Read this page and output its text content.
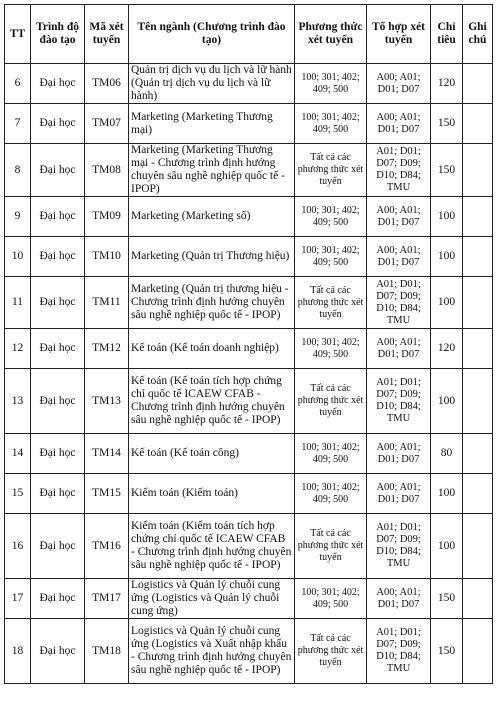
TT	Trình độ đào tạo	Mã xét tuyển	Tên ngành (Chương trình đào tạo)	Phương thức xét tuyển	Tổ hợp xét tuyển	Chỉ tiêu	Ghi chú
6	Đại học	TM06	Quản trị dịch vụ du lịch và lữ hành (Quản trị dịch vụ du lịch và lữ hành)	100; 301; 402; 409; 500	A00; A01; D01; D07	120	
7	Đại học	TM07	Marketing (Marketing Thương mại)	100; 301; 402; 409; 500	A00; A01; D01; D07	150	
8	Đại học	TM08	Marketing (Marketing Thương mại - Chương trình định hướng chuyên sâu nghề nghiệp quốc tế - IPOP)	Tất cả các phương thức xét tuyển	A01; D01; D07; D09; D10; D84; TMU	150	
9	Đại học	TM09	Marketing (Marketing số)	100; 301; 402; 409; 500	A00; A01; D01; D07	100	
10	Đại học	TM10	Marketing (Quản trị Thương hiệu)	100; 301; 402; 409; 500	A00; A01; D01; D07	100	
11	Đại học	TM11	Marketing (Quản trị thương hiệu - Chương trình định hướng chuyên sâu nghề nghiệp quốc tế - IPOP)	Tất cả các phương thức xét tuyển	A01; D01; D07; D09; D10; D84; TMU	100	
12	Đại học	TM12	Kế toán (Kế toán doanh nghiệp)	100; 301; 402; 409; 500	A00; A01; D01; D07	120	
13	Đại học	TM13	Kế toán (Kế toán tích hợp chứng chỉ quốc tế ICAEW CFAB - Chương trình định hướng chuyên sâu nghề nghiệp quốc tế - IPOP)	Tất cả các phương thức xét tuyển	A01; D01; D07; D09; D10; D84; TMU	100	
14	Đại học	TM14	Kế toán (Kế toán công)	100; 301; 402; 409; 500	A00; A01; D01; D07	80	
15	Đại học	TM15	Kiểm toán (Kiểm toán)	100; 301; 402; 409; 500	A00; A01; D01; D07	100	
16	Đại học	TM16	Kiểm toán (Kiểm toán tích hợp chứng chỉ quốc tế ICAEW CFAB - Chương trình định hướng chuyên sâu nghề nghiệp quốc tế - IPOP)	Tất cả các phương thức xét tuyển	A01; D01; D07; D09; D10; D84; TMU	100	
17	Đại học	TM17	Logistics và Quản lý chuỗi cung ứng (Logistics và Quản lý chuỗi cung ứng)	100; 301; 402; 409; 500	A00; A01; D01; D07	150	
18	Đại học	TM18	Logistics và Quản lý chuỗi cung ứng (Logistics và Xuất nhập khẩu - Chương trình định hướng chuyên sâu nghề nghiệp quốc tế - IPOP)	Tất cả các phương thức xét tuyển	A01; D01; D07; D09; D10; D84; TMU	150	
